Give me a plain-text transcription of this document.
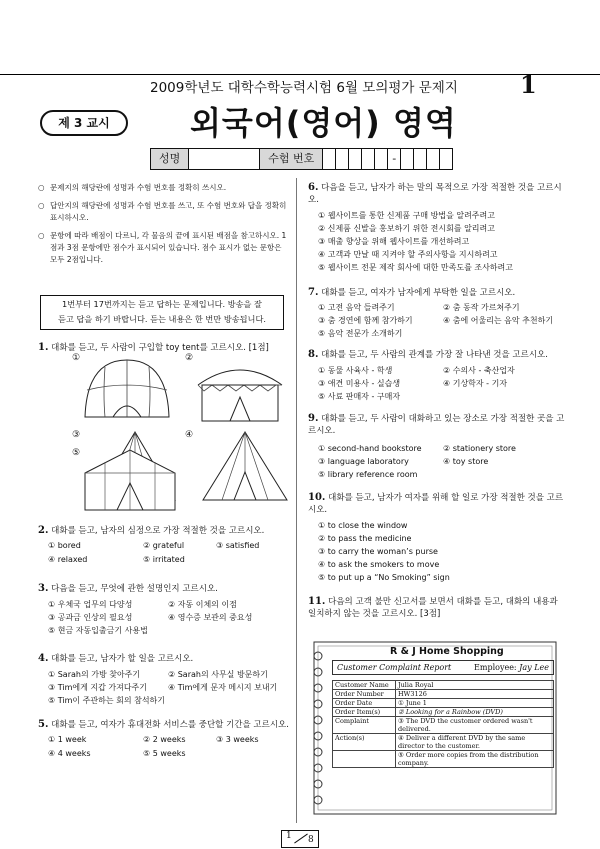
2009학년도 대학수학능력시험 6월 모의평가 문제지	1
제 3 교시	외국어(영어) 영역
성명	수험 번호	-
○ 문제지의 해당란에 성명과 수험 번호를 정확히 쓰시오.
○ 답안지의 해당란에 성명과 수험 번호를 쓰고, 또 수험 번호와 답을 정확히 표시하시오.
○ 문항에 따라 배점이 다르니, 각 물음의 끝에 표시된 배점을 참고하시오. 1점과 3점 문항에만 점수가 표시되어 있습니다. 점수 표시가 없는 문항은 모두 2점입니다.
1번부터 17번까지는 듣고 답하는 문제입니다. 방송을 잘
듣고 답을 하기 바랍니다. 듣는 내용은 한 번만 방송됩니다.
1. 대화를 듣고, 두 사람이 구입할 toy tent를 고르시오. [1점]
①	②
③	④
⑤
2. 대화를 듣고, 남자의 심정으로 가장 적절한 것을 고르시오.
① bored	② grateful	③ satisfied
④ relaxed	⑤ irritated
3. 다음을 듣고, 무엇에 관한 설명인지 고르시오.
① 우체국 업무의 다양성	② 자동 이체의 이점
③ 공과금 인상의 필요성	④ 영수증 보관의 중요성
⑤ 현금 자동입출금기 사용법
4. 대화를 듣고, 남자가 할 일을 고르시오.
① Sarah의 가방 찾아주기	② Sarah의 사무실 방문하기
③ Tim에게 지갑 가져다주기	④ Tim에게 문자 메시지 보내기
⑤ Tim이 주관하는 회의 참석하기
5. 대화를 듣고, 여자가 휴대전화 서비스를 중단할 기간을 고르시오.
① 1 week	② 2 weeks	③ 3 weeks
④ 4 weeks	⑤ 5 weeks
6. 다음을 듣고, 남자가 하는 말의 목적으로 가장 적절한 것을 고르시오.
① 웹사이트를 통한 신제품 구매 방법을 알려주려고
② 신제품 신발을 홍보하기 위한 전시회를 알리려고
③ 매출 향상을 위해 웹사이트를 개선하려고
④ 고객과 만날 때 지켜야 할 주의사항을 지시하려고
⑤ 웹사이트 전문 제작 회사에 대한 만족도를 조사하려고
7. 대화를 듣고, 여자가 남자에게 부탁한 일을 고르시오.
① 고전 음악 들려주기	② 춤 동작 가르쳐주기
③ 춤 경연에 함께 참가하기	④ 춤에 어울리는 음악 추천하기
⑤ 음악 전문가 소개하기
8. 대화를 듣고, 두 사람의 관계를 가장 잘 나타낸 것을 고르시오.
① 동물 사육사 - 학생	② 수의사 - 축산업자
③ 애견 미용사 - 실습생	④ 기상학자 - 기자
⑤ 사료 판매자 - 구매자
9. 대화를 듣고, 두 사람이 대화하고 있는 장소로 가장 적절한 곳을 고르시오.
① second-hand bookstore	② stationery store
③ language laboratory	④ toy store
⑤ library reference room
10. 대화를 듣고, 남자가 여자를 위해 할 일로 가장 적절한 것을 고르시오.
① to close the window
② to pass the medicine
③ to carry the woman’s purse
④ to ask the smokers to move
⑤ to put up a “No Smoking” sign
11. 다음의 고객 불만 신고서를 보면서 대화를 듣고, 대화의 내용과 일치하지 않는 것을 고르시오. [3점]
R & J Home Shopping
Customer Complaint Report	Employee: Jay Lee
Customer Name	Julia Royal
Order Number	HW3126
Order Date	① June 1
Order Item(s)	② Looking for a Rainbow (DVD)
Complaint	③ The DVD the customer ordered wasn't delivered.
Action(s)	④ Deliver a different DVD by the same director to the customer.
	⑤ Order more copies from the distribution company.
1 8
